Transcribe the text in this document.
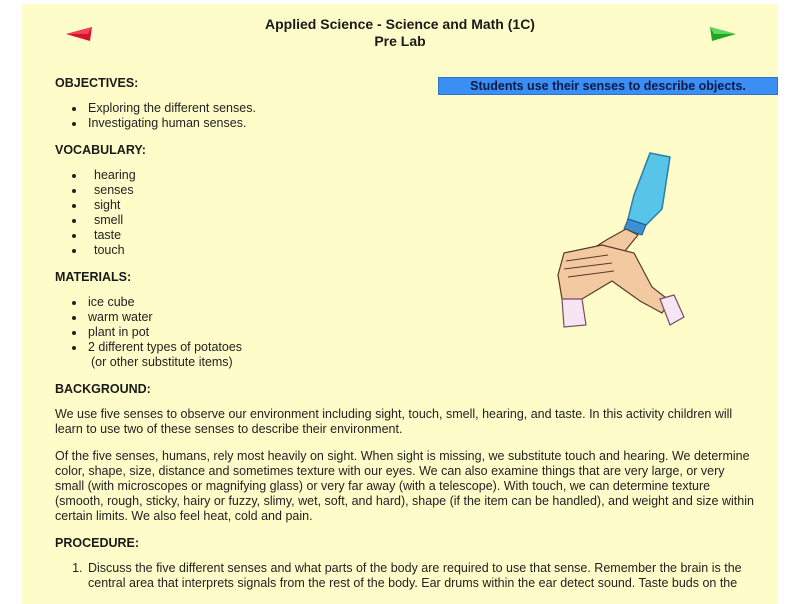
Applied Science - Science and Math (1C)
Pre Lab
Students use their senses to describe objects.
OBJECTIVES:
• Exploring the different senses.
• Investigating human senses.
VOCABULARY:
• hearing
• senses
• sight
• smell
• taste
• touch
MATERIALS:
• ice cube
• warm water
• plant in pot
• 2 different types of potatoes
(or other substitute items)
BACKGROUND:

We use five senses to observe our environment including sight, touch, smell, hearing, and taste. In this activity children will learn to use two of these senses to describe their environment.

Of the five senses, humans, rely most heavily on sight. When sight is missing, we substitute touch and hearing. We determine color, shape, size, distance and sometimes texture with our eyes. We can also examine things that are very large, or very small (with microscopes or magnifying glass) or very far away (with a telescope). With touch, we can determine texture (smooth, rough, sticky, hairy or fuzzy, slimy, wet, soft, and hard), shape (if the item can be handled), and weight and size within certain limits. We also feel heat, cold and pain.

PROCEDURE:
1. Discuss the five different senses and what parts of the body are required to use that sense. Remember the brain is the central area that interprets signals from the rest of the body. Ear drums within the ear detect sound. Taste buds on the
